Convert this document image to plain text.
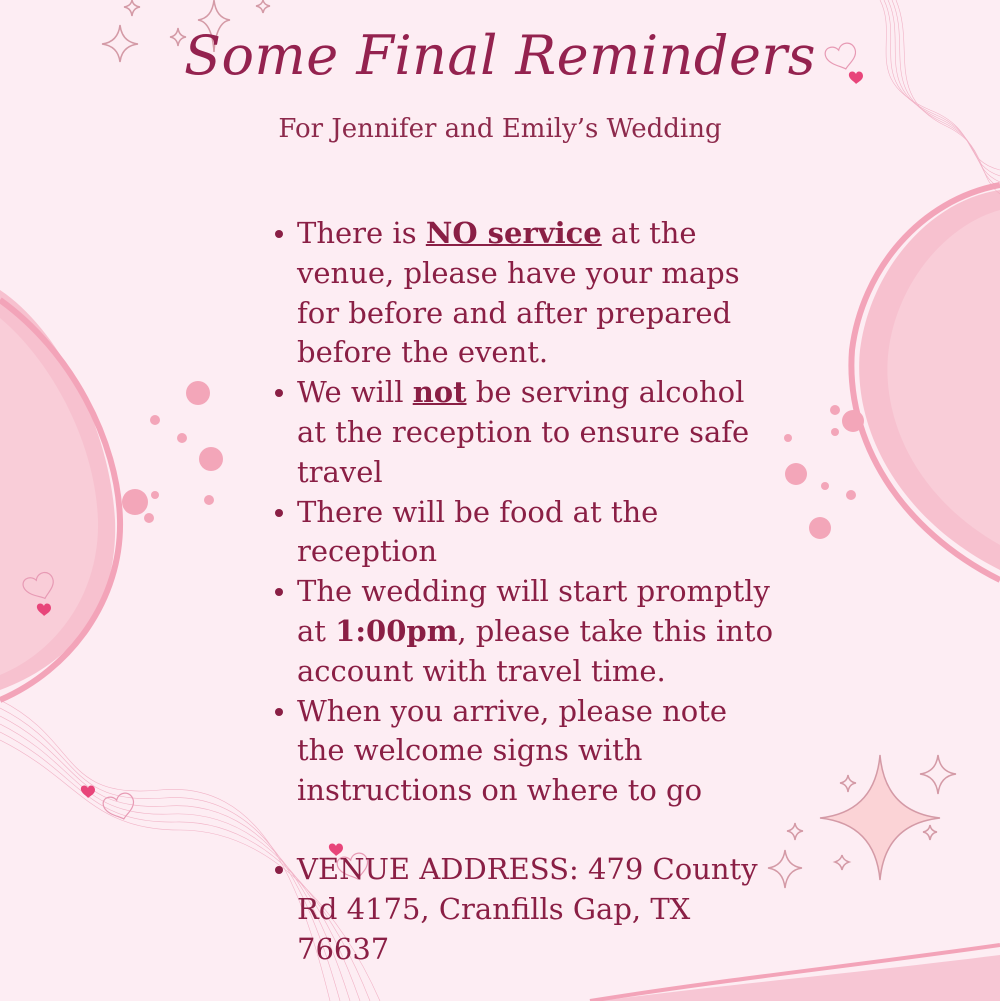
Some Final Reminders
For Jennifer and Emily’s Wedding
There is NO service at the venue, please have your maps for before and after prepared before the event.
We will not be serving alcohol at the reception to ensure safe travel
There will be food at the reception
The wedding will start promptly at 1:00pm, please take this into account with travel time.
When you arrive, please note the welcome signs with instructions on where to go
VENUE ADDRESS: 479 County Rd 4175, Cranfills Gap, TX 76637
